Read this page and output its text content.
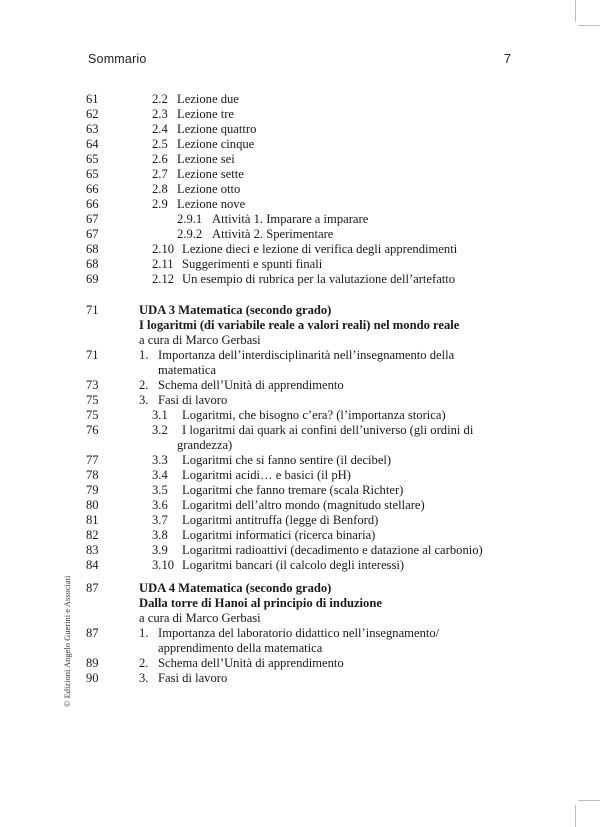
Sommario	7
© Edizioni Angelo Guerini e Associati
61	2.2 Lezione due
62	2.3 Lezione tre
63	2.4 Lezione quattro
64	2.5 Lezione cinque
65	2.6 Lezione sei
65	2.7 Lezione sette
66	2.8 Lezione otto
66	2.9 Lezione nove
67	2.9.1 Attività 1. Imparare a imparare
67	2.9.2 Attività 2. Sperimentare
68	2.10 Lezione dieci e lezione di verifica degli apprendimenti
68	2.11 Suggerimenti e spunti finali
69	2.12 Un esempio di rubrica per la valutazione dell’artefatto
71	UDA 3 Matematica (secondo grado)
I logaritmi (di variabile reale a valori reali) nel mondo reale
a cura di Marco Gerbasi
71	1. Importanza dell’interdisciplinarità nell’insegnamento della
matematica
73	2. Schema dell’Unità di apprendimento
75	3. Fasi di lavoro
75	3.1 Logaritmi, che bisogno c’era? (l’importanza storica)
76	3.2 I logaritmi dai quark ai confini dell’universo (gli ordini di
grandezza)
77	3.3 Logaritmi che si fanno sentire (il decibel)
78	3.4 Logaritmi acidi… e basici (il pH)
79	3.5 Logaritmi che fanno tremare (scala Richter)
80	3.6 Logaritmi dell’altro mondo (magnitudo stellare)
81	3.7 Logaritmi antitruffa (legge di Benford)
82	3.8 Logaritmi informatici (ricerca binaria)
83	3.9 Logaritmi radioattivi (decadimento e datazione al carbonio)
84	3.10 Logaritmi bancari (il calcolo degli interessi)
87	UDA 4 Matematica (secondo grado)
Dalla torre di Hanoi al principio di induzione
a cura di Marco Gerbasi
87	1. Importanza del laboratorio didattico nell’insegnamento/
apprendimento della matematica
89	2. Schema dell’Unità di apprendimento
90	3. Fasi di lavoro
